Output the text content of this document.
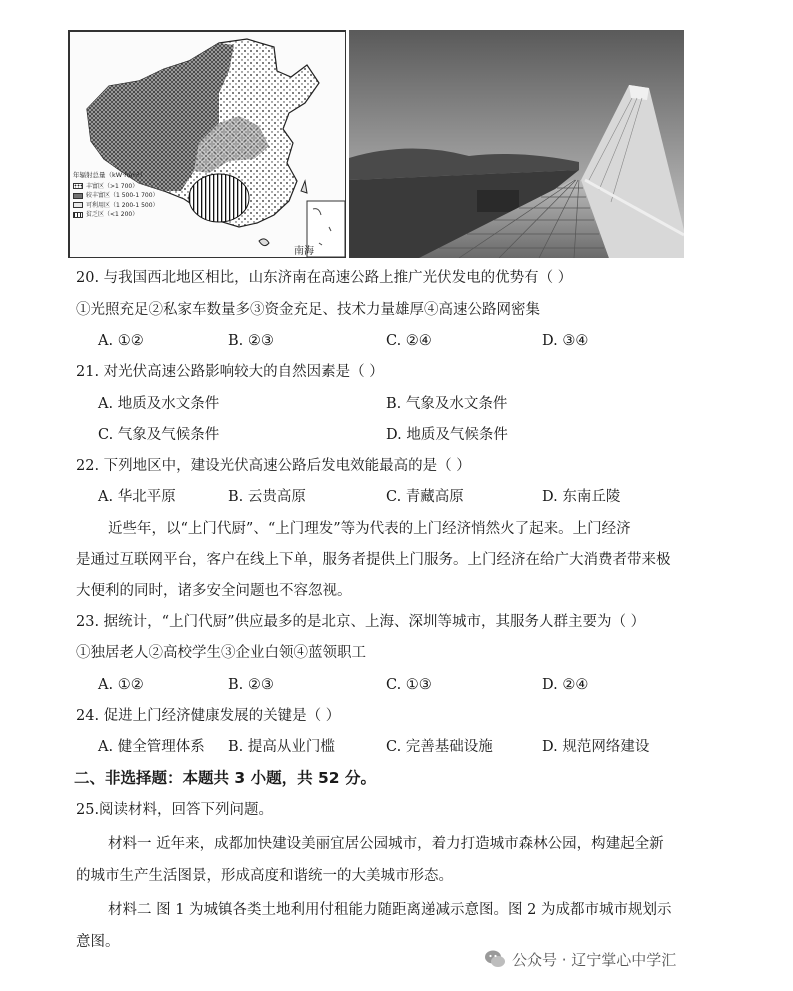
年辐射总量（kW·h/m²）
丰富区（>1 700）
较丰富区（1 500-1 700）
可利用区（1 200-1 500）
贫乏区（<1 200）
南海
20. 与我国西北地区相比，山东济南在高速公路上推广光伏发电的优势有（ ）
①光照充足②私家车数量多③资金充足、技术力量雄厚④高速公路网密集
A. ①②	B. ②③	C. ②④	D. ③④
21. 对光伏高速公路影响较大的自然因素是（ ）
A. 地质及水文条件	B. 气象及水文条件
C. 气象及气候条件	D. 地质及气候条件
22. 下列地区中，建设光伏高速公路后发电效能最高的是（ ）
A. 华北平原	B. 云贵高原	C. 青藏高原	D. 东南丘陵
近些年，以“上门代厨”、“上门理发”等为代表的上门经济悄然火了起来。上门经济
是通过互联网平台，客户在线上下单，服务者提供上门服务。上门经济在给广大消费者带来极
大便利的同时，诸多安全问题也不容忽视。
23. 据统计，“上门代厨”供应最多的是北京、上海、深圳等城市，其服务人群主要为（ ）
①独居老人②高校学生③企业白领④蓝领职工
A. ①②	B. ②③	C. ①③	D. ②④
24. 促进上门经济健康发展的关键是（ ）
A. 健全管理体系 B. 提高从业门槛	C. 完善基础设施	D. 规范网络建设
二、非选择题：本题共 3 小题，共 52 分。
25.阅读材料，回答下列问题。
材料一 近年来，成都加快建设美丽宜居公园城市，着力打造城市森林公园，构建起全新
的城市生产生活图景，形成高度和谐统一的大美城市形态。
材料二 图 1 为城镇各类土地利用付租能力随距离递减示意图。图 2 为成都市城市规划示
意图。
公众号 · 辽宁掌心中学汇
